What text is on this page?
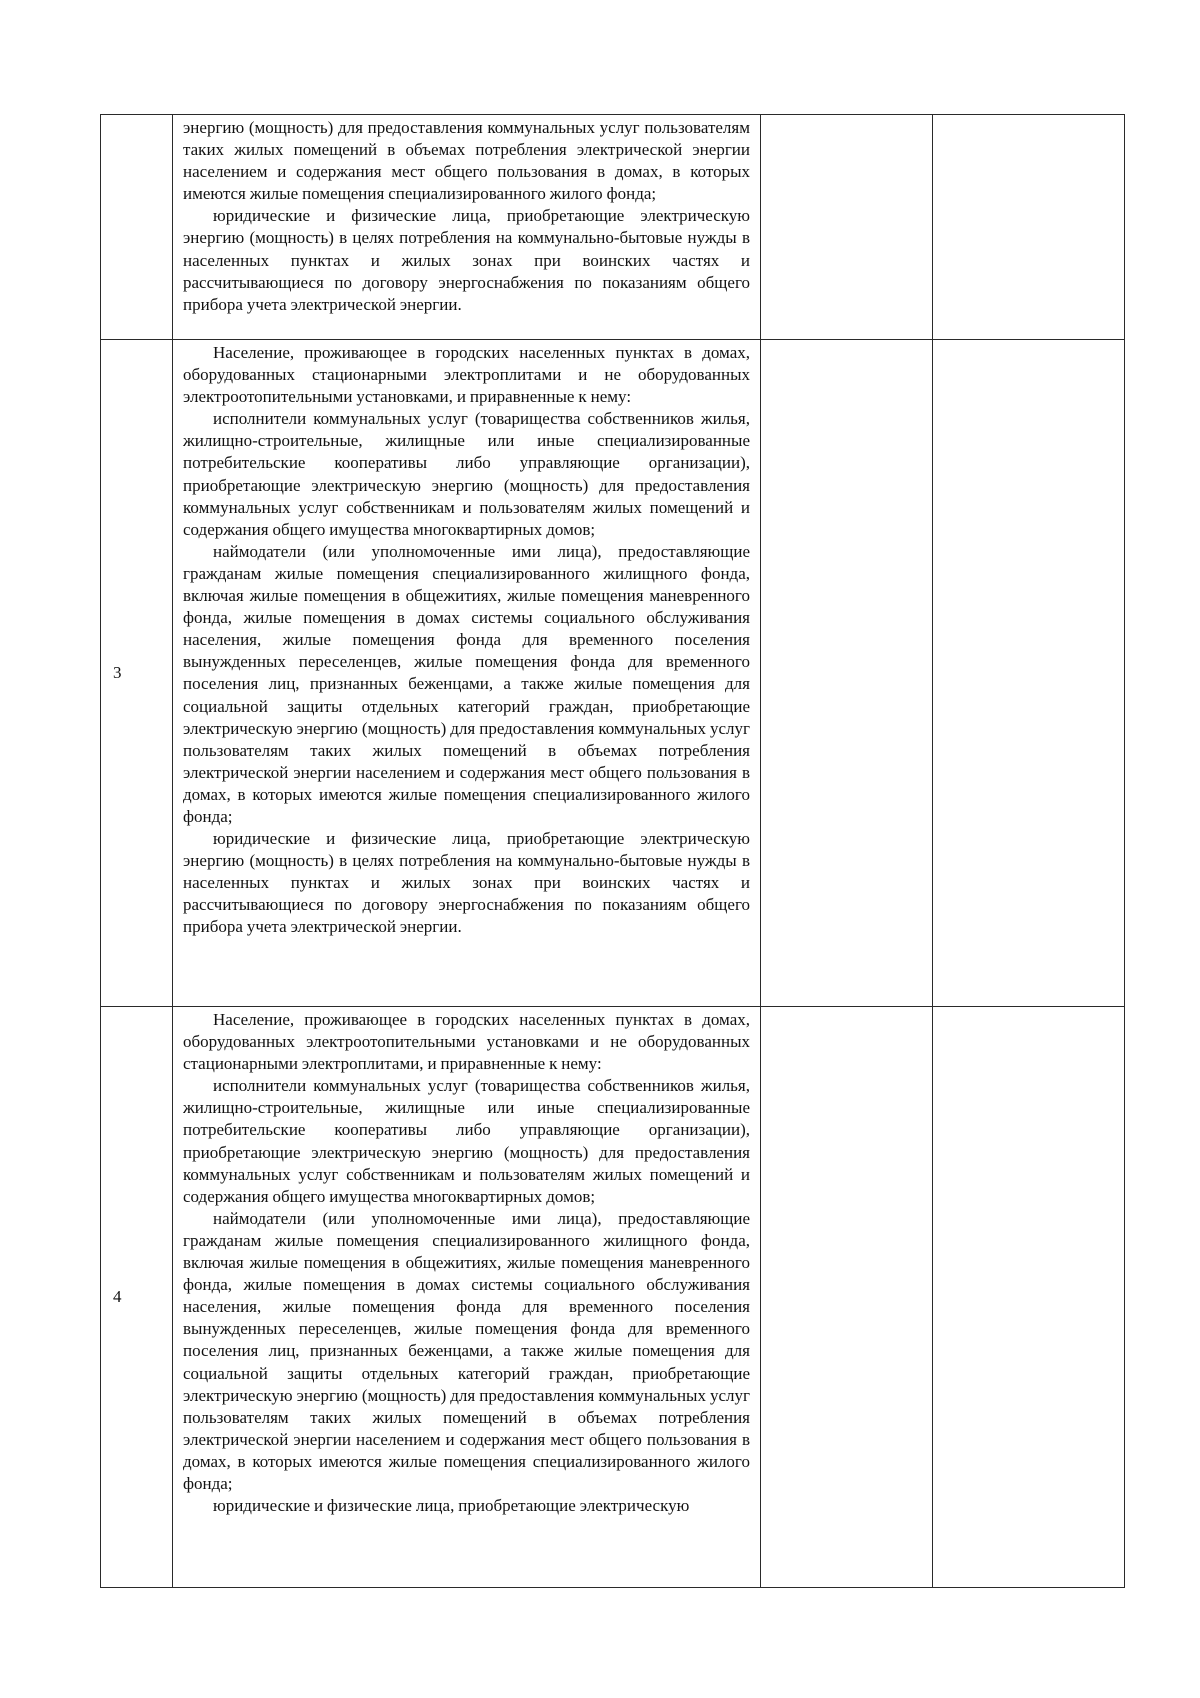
	энергию (мощность) для предоставления коммунальных услуг пользователям таких жилых помещений в объемах потребления электрической энергии населением и содержания мест общего пользования в домах, в которых имеются жилые помещения специализированного жилого фонда;

юридические и физические лица, приобретающие электрическую энергию (мощность) в целях потребления на коммунально-бытовые нужды в населенных пунктах и жилых зонах при воинских частях и рассчитывающиеся по договору энергоснабжения по показаниям общего прибора учета электрической энергии.		

3	Население, проживающее в городских населенных пунктах в домах, оборудованных стационарными электроплитами и не оборудованных электроотопительными установками, и приравненные к нему:

исполнители коммунальных услуг (товарищества собственников жилья, жилищно-строительные, жилищные или иные специализированные потребительские кооперативы либо управляющие организации), приобретающие электрическую энергию (мощность) для предоставления коммунальных услуг собственникам и пользователям жилых помещений и содержания общего имущества многоквартирных домов;

наймодатели (или уполномоченные ими лица), предоставляющие гражданам жилые помещения специализированного жилищного фонда, включая жилые помещения в общежитиях, жилые помещения маневренного фонда, жилые помещения в домах системы социального обслуживания населения, жилые помещения фонда для временного поселения вынужденных переселенцев, жилые помещения фонда для временного поселения лиц, признанных беженцами, а также жилые помещения для социальной защиты отдельных категорий граждан, приобретающие электрическую энергию (мощность) для предоставления коммунальных услуг пользователям таких жилых помещений в объемах потребления электрической энергии населением и содержания мест общего пользования в домах, в которых имеются жилые помещения специализированного жилого фонда;

юридические и физические лица, приобретающие электрическую энергию (мощность) в целях потребления на коммунально-бытовые нужды в населенных пунктах и жилых зонах при воинских частях и рассчитывающиеся по договору энергоснабжения по показаниям общего прибора учета электрической энергии.		

4	Население, проживающее в городских населенных пунктах в домах, оборудованных электроотопительными установками и не оборудованных стационарными электроплитами, и приравненные к нему:

исполнители коммунальных услуг (товарищества собственников жилья, жилищно-строительные, жилищные или иные специализированные потребительские кооперативы либо управляющие организации), приобретающие электрическую энергию (мощность) для предоставления коммунальных услуг собственникам и пользователям жилых помещений и содержания общего имущества многоквартирных домов;

наймодатели (или уполномоченные ими лица), предоставляющие гражданам жилые помещения специализированного жилищного фонда, включая жилые помещения в общежитиях, жилые помещения маневренного фонда, жилые помещения в домах системы социального обслуживания населения, жилые помещения фонда для временного поселения вынужденных переселенцев, жилые помещения фонда для временного поселения лиц, признанных беженцами, а также жилые помещения для социальной защиты отдельных категорий граждан, приобретающие электрическую энергию (мощность) для предоставления коммунальных услуг пользователям таких жилых помещений в объемах потребления электрической энергии населением и содержания мест общего пользования в домах, в которых имеются жилые помещения специализированного жилого фонда;

юридические и физические лица, приобретающие электрическую		
